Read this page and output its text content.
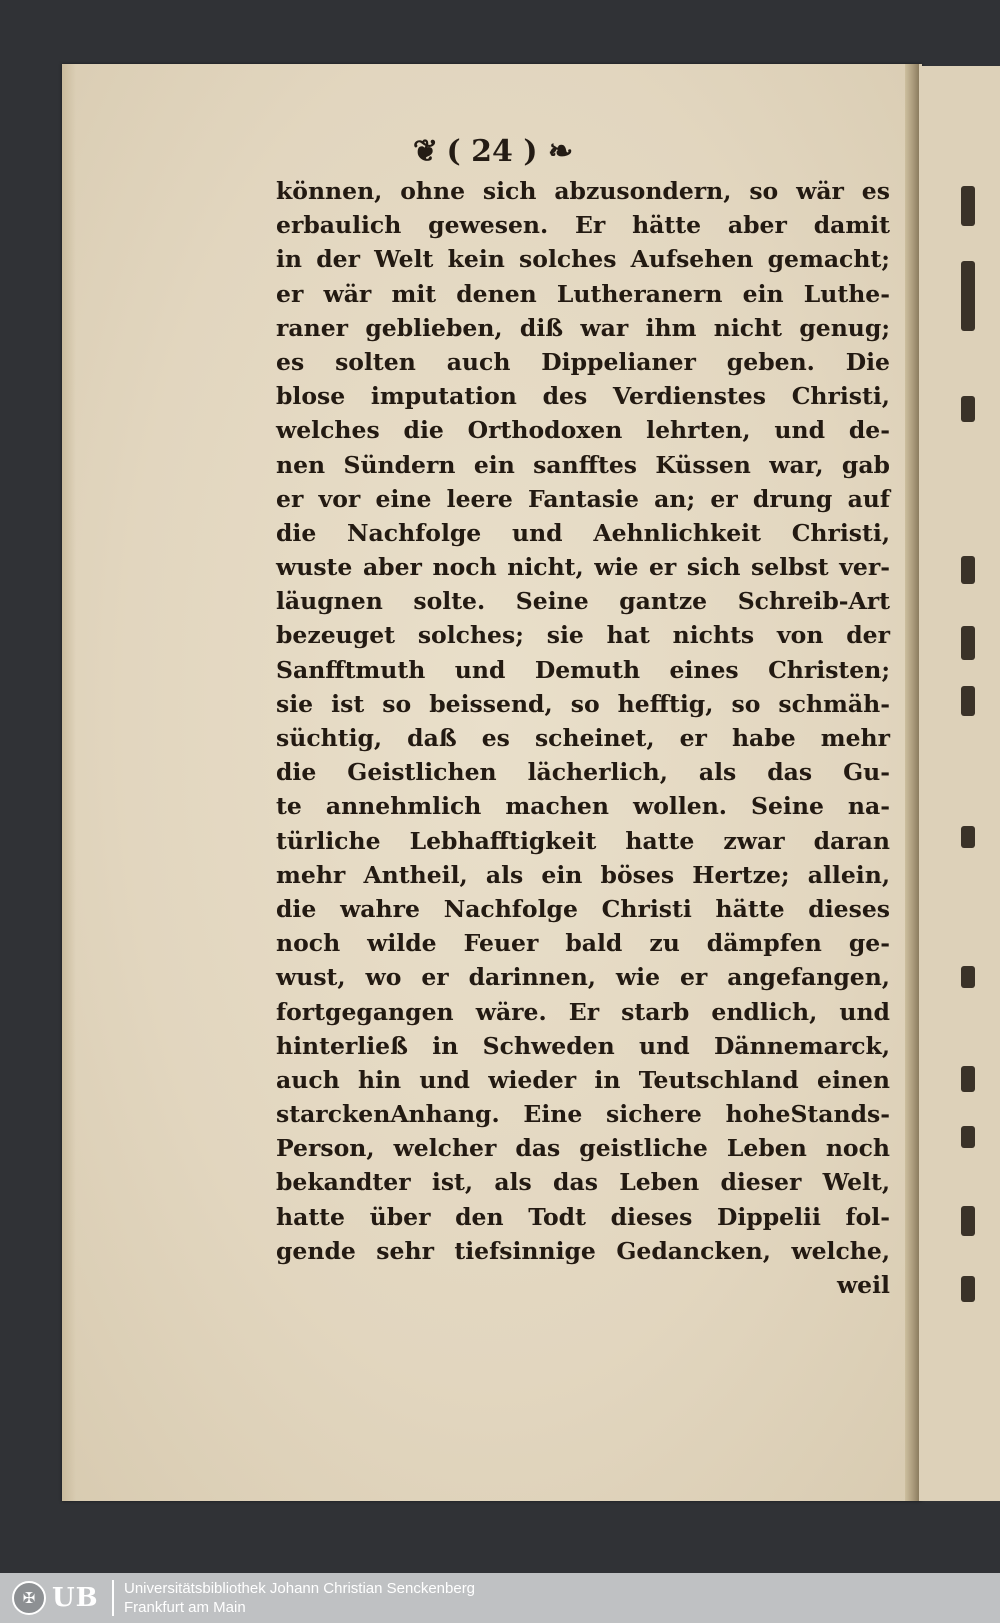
❦ ( 24 ) ❧
können, ohne sich abzusondern, so wär es
erbaulich gewesen. Er hätte aber damit
in der Welt kein solches Aufsehen gemacht;
er wär mit denen Lutheranern ein Luthe-
raner geblieben, diß war ihm nicht genug;
es solten auch Dippelianer geben. Die
blose imputation des Verdienstes Christi,
welches die Orthodoxen lehrten, und de-
nen Sündern ein sanfftes Küssen war, gab
er vor eine leere Fantasie an; er drung auf
die Nachfolge und Aehnlichkeit Christi,
wuste aber noch nicht, wie er sich selbst ver-
läugnen solte. Seine gantze Schreib-Art
bezeuget solches; sie hat nichts von der
Sanfftmuth und Demuth eines Christen;
sie ist so beissend, so hefftig, so schmäh-
süchtig, daß es scheinet, er habe mehr
die Geistlichen lächerlich, als das Gu-
te annehmlich machen wollen. Seine na-
türliche Lebhafftigkeit hatte zwar daran
mehr Antheil, als ein böses Hertze; allein,
die wahre Nachfolge Christi hätte dieses
noch wilde Feuer bald zu dämpfen ge-
wust, wo er darinnen, wie er angefangen,
fortgegangen wäre. Er starb endlich, und
hinterließ in Schweden und Dännemarck,
auch hin und wieder in Teutschland einen
starckenAnhang. Eine sichere hoheStands-
Person, welcher das geistliche Leben noch
bekandter ist, als das Leben dieser Welt,
hatte über den Todt dieses Dippelii fol-
gende sehr tiefsinnige Gedancken, welche,
weil
✠ UB Universitätsbibliothek Johann Christian Senckenberg
Frankfurt am Main
